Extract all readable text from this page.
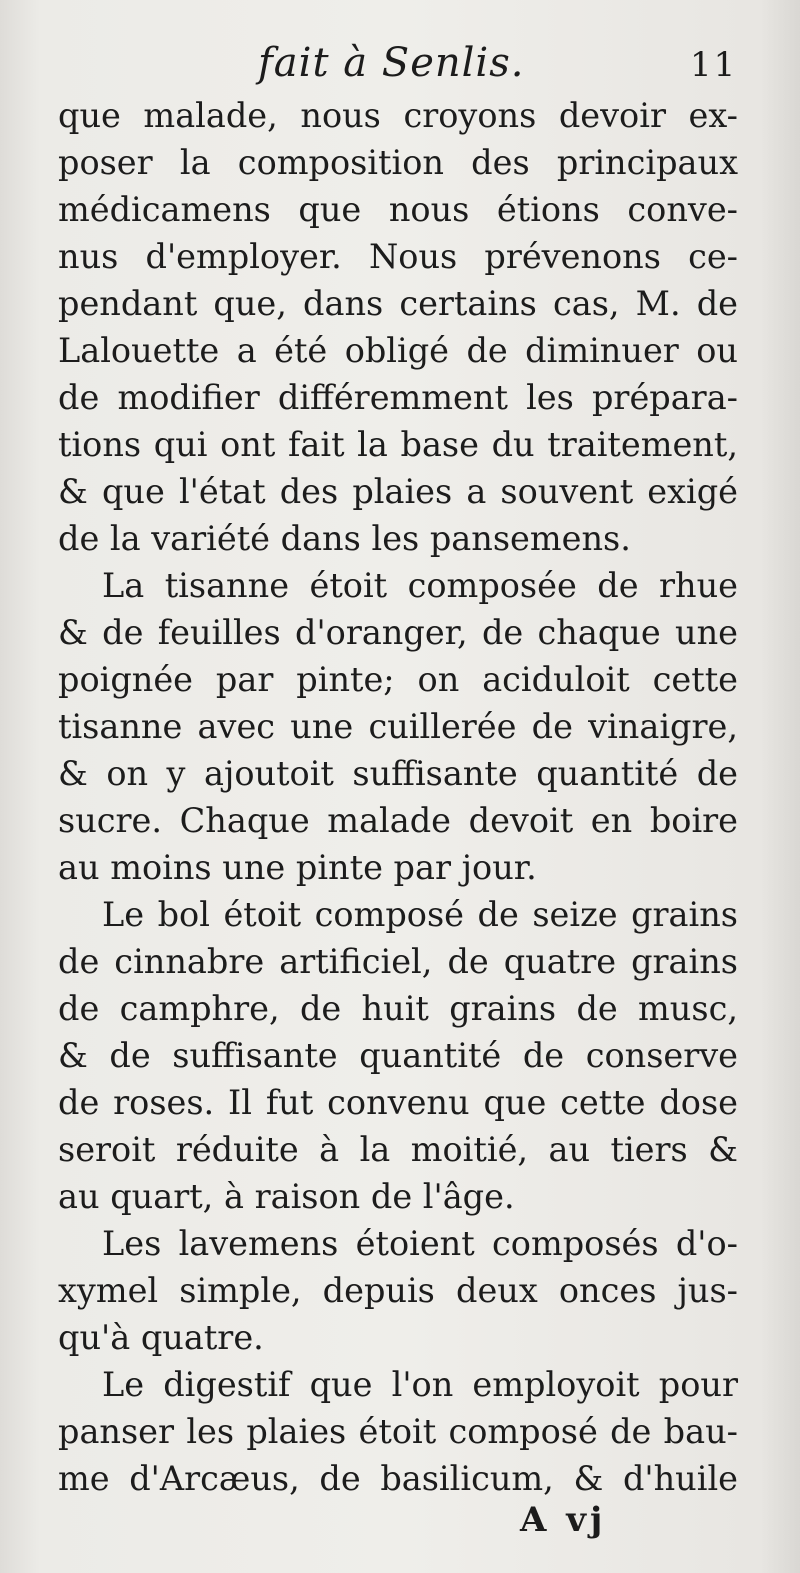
fait à Senlis.	11
que malade, nous croyons devoir ex-
poser la composition des principaux
médicamens que nous étions conve-
nus d'employer. Nous prévenons ce-
pendant que, dans certains cas, M. de
Lalouette a été obligé de diminuer ou
de modifier différemment les prépara-
tions qui ont fait la base du traitement,
& que l'état des plaies a souvent exigé
de la variété dans les pansemens.
La tisanne étoit composée de rhue
& de feuilles d'oranger, de chaque une
poignée par pinte; on aciduloit cette
tisanne avec une cuillerée de vinaigre,
& on y ajoutoit suffisante quantité de
sucre. Chaque malade devoit en boire
au moins une pinte par jour.
Le bol étoit composé de seize grains
de cinnabre artificiel, de quatre grains
de camphre, de huit grains de musc,
& de suffisante quantité de conserve
de roses. Il fut convenu que cette dose
seroit réduite à la moitié, au tiers &
au quart, à raison de l'âge.
Les lavemens étoient composés d'o-
xymel simple, depuis deux onces jus-
qu'à quatre.
Le digestif que l'on employoit pour
panser les plaies étoit composé de bau-
me d'Arcæus, de basilicum, & d'huile
A vj
